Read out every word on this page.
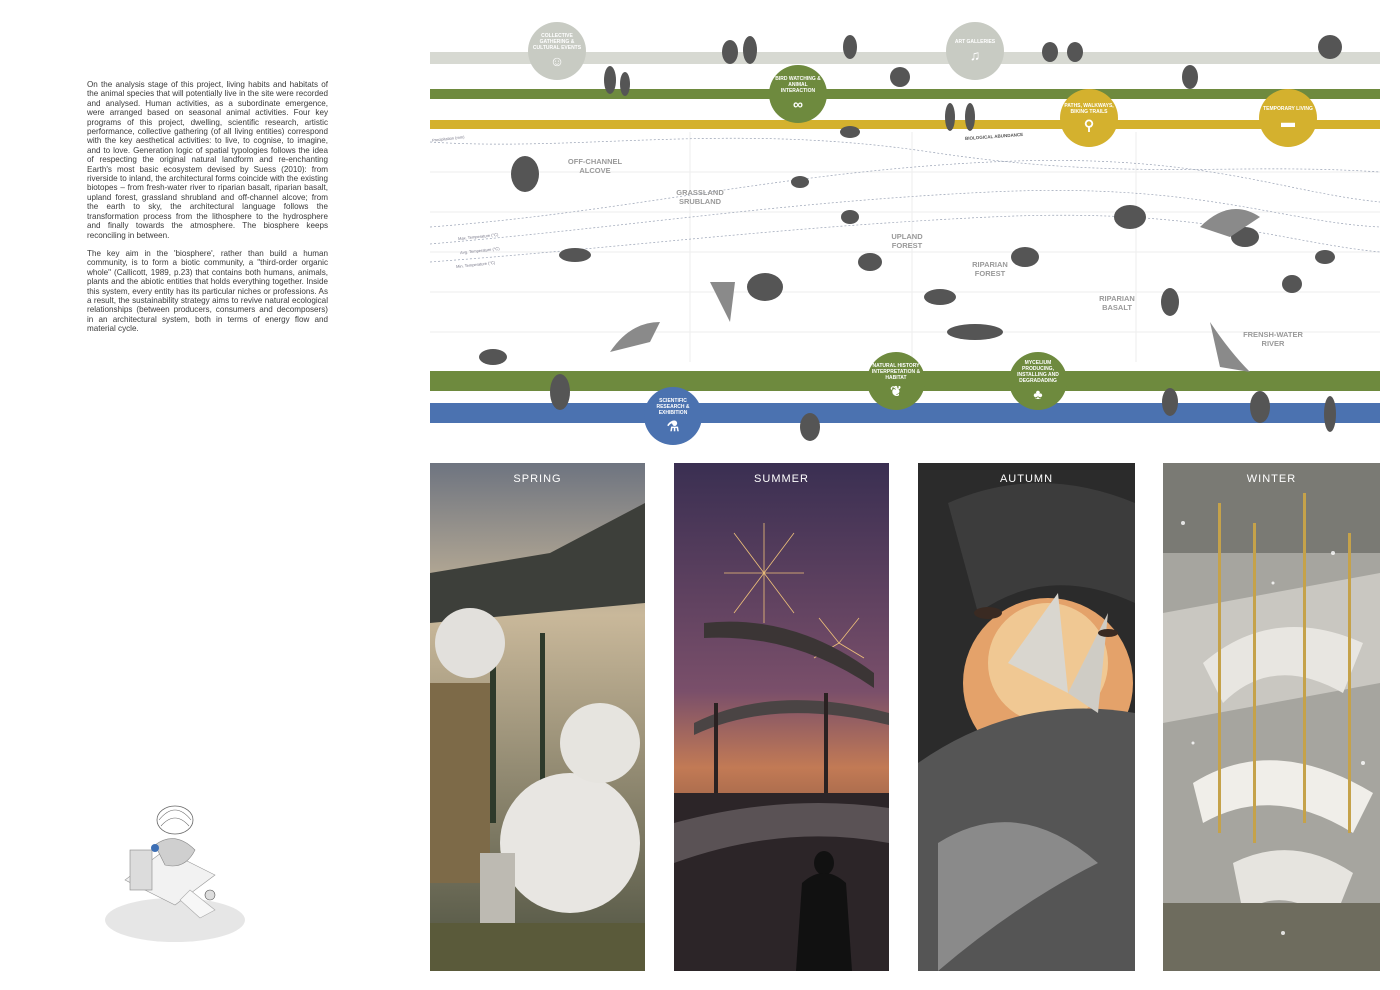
On the analysis stage of this project, living habits and habitats of the animal species that will potentially live in the site were recorded and analysed. Human activities, as a subordinate emergence, were arranged based on seasonal animal activities. Four key programs of this project, dwelling, scientific research, artistic performance, collective gathering (of all living entities) correspond with the key aesthetical activities: to live, to cognise, to imagine, and to love. Generation logic of spatial typologies follows the idea of respecting the original natural landform and re-enchanting Earth's most basic ecosystem devised by Suess (2010): from riverside to inland, the architectural forms coincide with the existing biotopes – from fresh-water river to riparian basalt, riparian basalt, upland forest, grassland shrubland and off-channel alcove; from the earth to sky, the architectural language follows the transformation process from the lithosphere to the hydrosphere and finally towards the atmosphere. The biosphere keeps reconciling in between.

The key aim in the 'biosphere', rather than build a human community, is to form a biotic community, a "third-order organic whole" (Callicott, 1989, p.23) that contains both humans, animals, plants and the abiotic entities that holds everything together. Inside this system, every entity has its particular niches or professions. As a result, the sustainability strategy aims to revive natural ecological relationships (between producers, consumers and decomposers) in an architectural system, both in terms of energy flow and material cycle.

Precipitation (mm)
Max. Temperature (°C)
Avg. Temperature (°C)
Min. Temperature (°C)
BIOLOGICAL ABUNDANCE
OFF-CHANNEL ALCOVE
GRASSLAND SRUBLAND
UPLAND FOREST
RIPARIAN FOREST
RIPARIAN BASALT
FRENSH-WATER RIVER
COLLECTIVE GATHERING & CULTURAL EVENTS
☺
BIRD WATCHING & ANIMAL INTERACTION
∞
ART GALLERIES
♫
PATHS, WALKWAYS, BIKING TRAILS
⚲
TEMPORARY LIVING
▬
SCIENTIFIC RESEARCH & EXHIBITION
⚗
NATURAL HISTORY INTERPRETATION & HABITAT
❦
MYCELIUM PRODUCING, INSTALLING AND DEGRADADING
♣
SPRING	SUMMER	AUTUMN	WINTER
